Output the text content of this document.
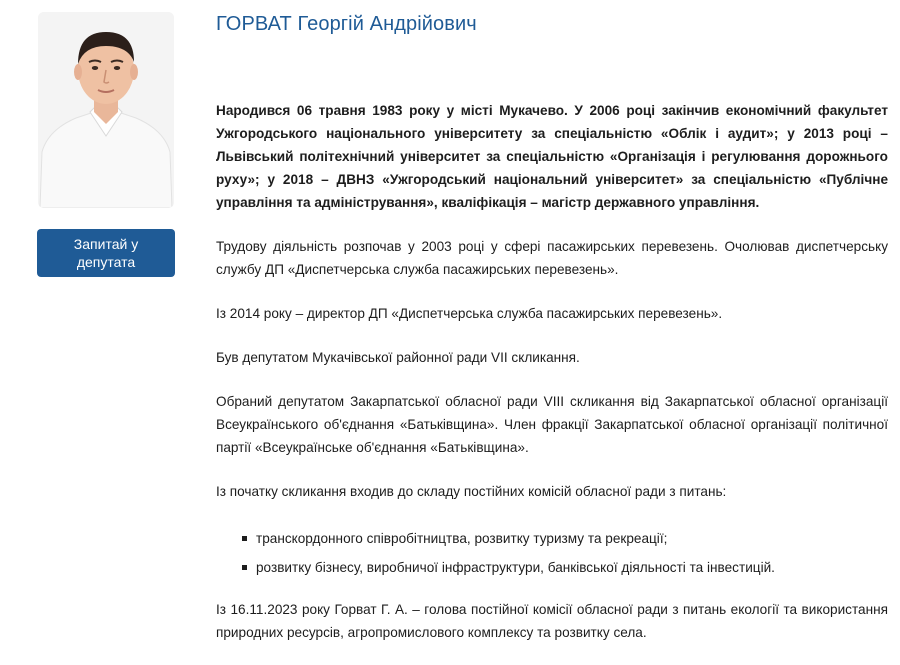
Запитай у депутата
ГОРВАТ Георгій Андрійович

Народився 06 травня 1983 року у місті Мукачево. У 2006 році закінчив економічний факультет Ужгородського національного університету за спеціальністю «Облік і аудит»; у 2013 році – Львівський політехнічний університет за спеціальністю «Організація і регулювання дорожнього руху»; у 2018 – ДВНЗ «Ужгородський національний університет» за спеціальністю «Публічне управління та адміністрування», кваліфікація – магістр державного управління.

Трудову діяльність розпочав у 2003 році у сфері пасажирських перевезень. Очолював диспетчерську службу ДП «Диспетчерська служба пасажирських перевезень».

Із 2014 року – директор ДП «Диспетчерська служба пасажирських перевезень».

Був депутатом Мукачівської районної ради VII скликання.

Обраний депутатом Закарпатської обласної ради VIII скликання від Закарпатської обласної організації Всеукраїнського об'єднання «Батьківщина». Член фракції Закарпатської обласної організації політичної партії «Всеукраїнське об'єднання «Батьківщина».

Із початку скликання входив до складу постійних комісій обласної ради з питань:

транскордонного співробітництва, розвитку туризму та рекреації;
розвитку бізнесу, виробничої інфраструктури, банківської діяльності та інвестицій.

Із 16.11.2023 року Горват Г. А. – голова постійної комісії обласної ради з питань екології та використання природних ресурсів, агропромислового комплексу та розвитку села.
